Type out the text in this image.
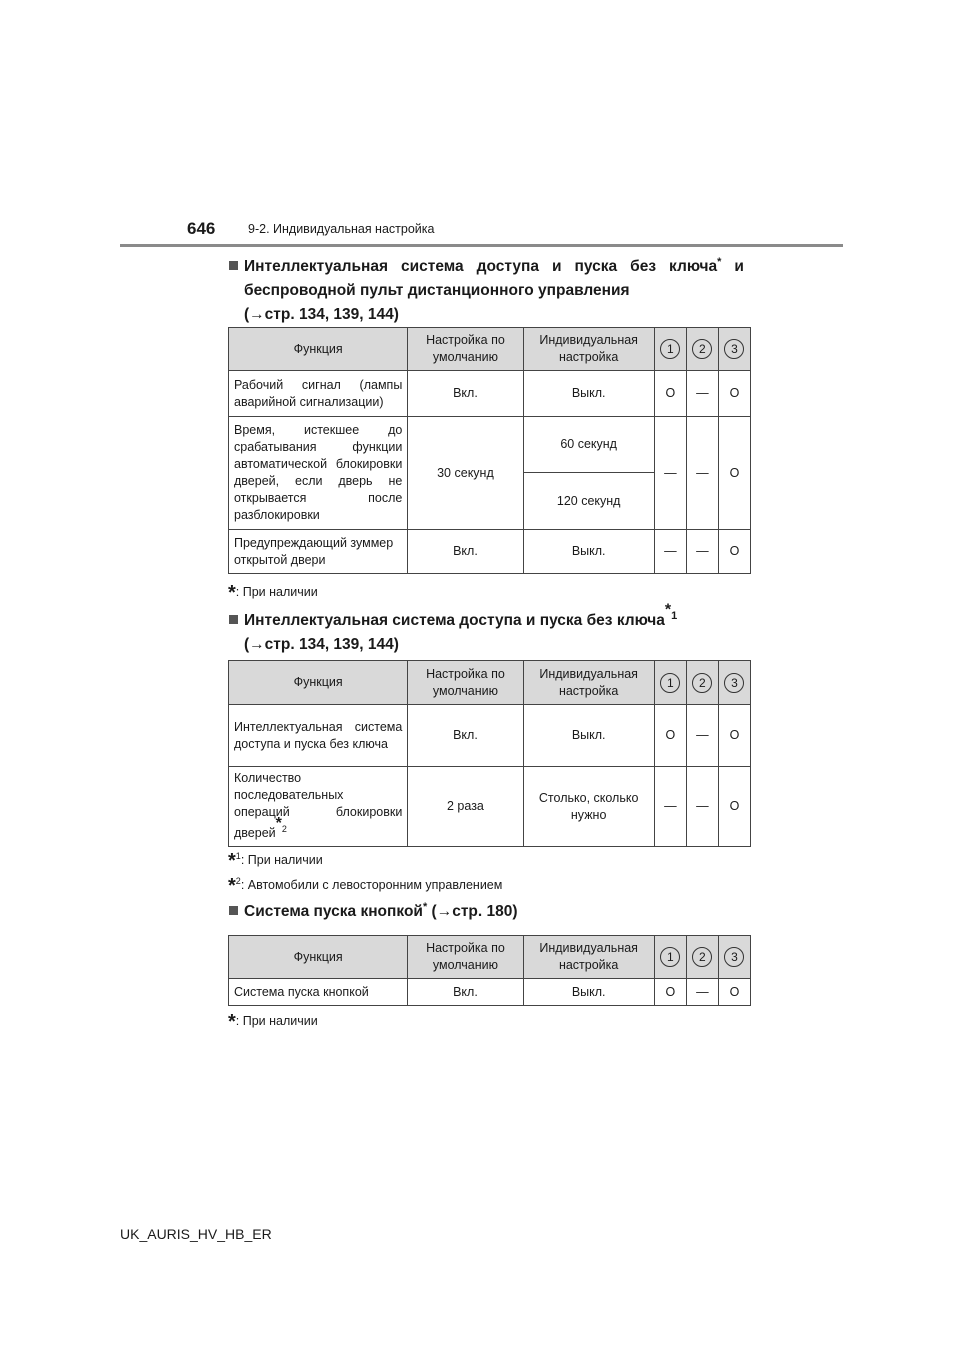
646	9-2. Индивидуальная настройка
Интеллектуальная система доступа и пуска без ключа* и
беспроводной пульт дистанционного управления
(→стр. 134, 139, 144)
Функция	Настройка по умолчанию	Индивидуальная настройка	1	2	3
Рабочий сигнал (лампы аварийной сигнализации)	Вкл.	Выкл.	O	—	O
Время, истекшее до срабатывания функции автоматической блокировки дверей, если дверь не открывается после разблокировки	30 секунд	60 секунд	—	—	O
		120 секунд			
Предупреждающий зуммер открытой двери	Вкл.	Выкл.	—	—	O
*: При наличии
Интеллектуальная система доступа и пуска без ключа$^{*1}$
(→стр. 134, 139, 144)
Функция	Настройка по умолчанию	Индивидуальная настройка	1	2	3
Интеллектуальная система доступа и пуска без ключа	Вкл.	Выкл.	O	—	O
Количество последовательных операций блокировки дверей$^{*2}$	2 раза	Столько, сколько нужно	—	—	O
*$^1$: При наличии
*$^2$: Автомобили с левосторонним управлением
Система пуска кнопкой* (→стр. 180)
Функция	Настройка по умолчанию	Индивидуальная настройка	1	2	3
Система пуска кнопкой	Вкл.	Выкл.	O	—	O
*: При наличии
UK_AURIS_HV_HB_ER
